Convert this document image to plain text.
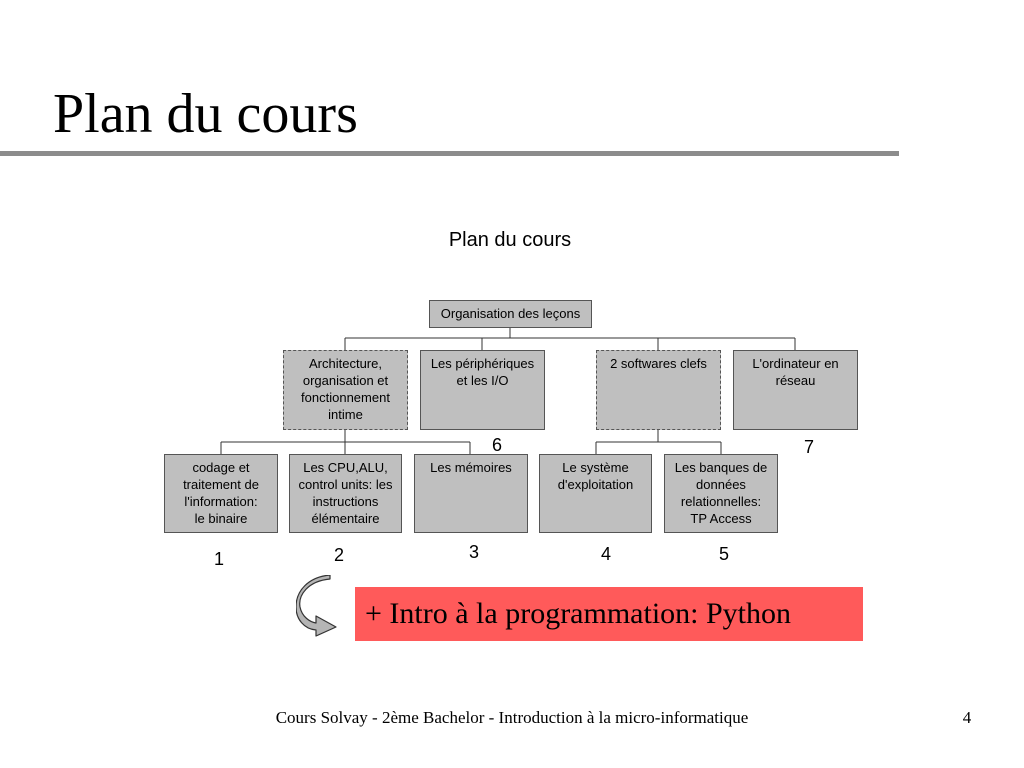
Plan du cours
Plan du cours
Organisation des leçons
Architecture,
organisation et
fonctionnement
intime
Les périphériques
et les I/O
2 softwares clefs	L'ordinateur en
réseau
codage et
traitement de
l'information:
le binaire
Les CPU,ALU,
control units: les
instructions
élémentaire
Les mémoires	Le système
d'exploitation
Les banques de
données
relationnelles:
TP Access
6	7
1	2	3	4	5
+ Intro à la programmation: Python
Cours Solvay - 2ème Bachelor - Introduction à la micro-informatique	4
